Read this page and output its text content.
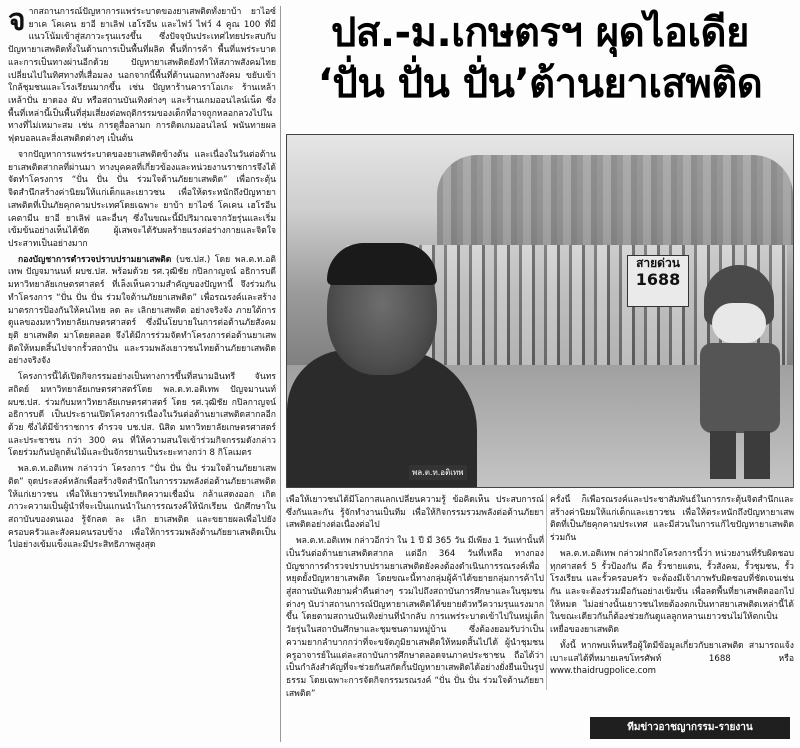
จากสถานการณ์ปัญหาการแพร่ระบาดของยาเสพติดทั้งยาบ้า ยาไอซ์ ยาเค โคเคน ยาอี ยาเลิฟ เฮโรอีน และไฟว์ ไฟว์ 4 คูณ 100 ที่มีแนวโน้มเข้าสู่สภาวะรุนแรงขึ้น ซึ่งปัจจุบันประเทศไทยประสบกับปัญหายาเสพติดทั้งในด้านการเป็นพื้นที่ผลิต พื้นที่การค้า พื้นที่แพร่ระบาด และการเป็นทางผ่านอีกด้วย ปัญหายาเสพติดยังทำให้สภาพสังคมไทยเปลี่ยนไปในทิศทางที่เสื่อมลง นอกจากนี้พื้นที่ด้านนอกทางสังคม ขยับเข้าใกล้ชุมชนและโรงเรียนมากขึ้น เช่น ปัญหาร้านคาราโอเกะ ร้านเหล้า เหล้าปั่น ยาดอง ผับ หรือสถานบันเทิงต่างๆ และร้านเกมออนไลน์เน็ต ซึ่งพื้นที่เหล่านี้เป็นพื้นที่สุ่มเสี่ยงต่อพฤติกรรมของเด็กที่อาจถูกหลอกลวงไปในทางที่ไม่เหมาะสม เช่น การดูสื่อลามก การติดเกมออนไลน์ พนันทายผลฟุตบอลและสิ่งเสพติดต่างๆ เป็นต้น

จากปัญหาการแพร่ระบาดของยาเสพติดข้างต้น และเนื่องในวันต่อต้านยาเสพติดสากลที่ผ่านมา ทางบุคคลที่เกี่ยวข้องและหน่วยงานราชการจึงได้จัดทำโครงการ “ปั่น ปั่น ปั่น ร่วมใจต้านภัยยาเสพติด” เพื่อกระตุ้นจิตสำนึกสร้างค่านิยมให้แก่เด็กและเยาวชน เพื่อให้ตระหนักถึงปัญหายาเสพติดที่เป็นภัยคุกคามประเทศโดยเฉพาะ ยาบ้า ยาไอซ์ โคเคน เฮโรอีน เคตามีน ยาอี ยาเลิฟ และอื่นๆ ซึ่งในขณะนี้มีปริมาณจากวัยรุ่นและเริ่มเข้มข้นอย่างเห็นได้ชัด ผู้เสพจะได้รับผลร้ายแรงต่อร่างกายและจิตใจประสาทเป็นอย่างมาก

กองบัญชาการตำรวจปราบปรามยาเสพติด (บช.ปส.) โดย พล.ต.ท.อติเทพ ปัญจมานนท์ ผบช.ปส. พร้อมด้วย รศ.วุฒิชัย กปิลกาญจน์ อธิการบดี มหาวิทยาลัยเกษตรศาสตร์ ที่เล็งเห็นความสำคัญของปัญหานี้ จึงร่วมกันทำโครงการ “ปั่น ปั่น ปั่น ร่วมใจต้านภัยยาเสพติด” เพื่อรณรงค์และสร้างมาตรการป้องกันให้คนไทย ลด ละ เลิกยาเสพติด อย่างจริงจัง ภายใต้การดูแลของมหาวิทยาลัยเกษตรศาสตร์ ซึ่งมีนโยบายในการต่อต้านภัยสังคม ยุติ ยาเสพติด มาโดยตลอด จึงได้มีการร่วมจัดทำโครงการต่อต้านยาเสพติดให้หมดสิ้นไปจากรั้วสถาบัน และรวมพลังเยาวชนไทยต้านภัยยาเสพติดอย่างจริงจัง

โครงการนี้ได้เปิดกิจกรรมอย่างเป็นทางการขึ้นที่สนามอินทรี จันทรสถิตย์ มหาวิทยาลัยเกษตรศาสตร์โดย พล.ต.ท.อติเทพ ปัญจมานนท์ ผบช.ปส. ร่วมกับมหาวิทยาลัยเกษตรศาสตร์ โดย รศ.วุฒิชัย กปิลกาญจน์ อธิการบดี เป็นประธานเปิดโครงการเนื่องในวันต่อต้านยาเสพติดสากลอีกด้วย ซึ่งได้มีข้าราชการ ตำรวจ บช.ปส. นิสิต มหาวิทยาลัยเกษตรศาสตร์และประชาชน กว่า 300 คน ที่ให้ความสนใจเข้าร่วมกิจกรรมดังกล่าว โดยร่วมกันปลูกต้นไม้และปั่นจักรยานเป็นระยะทางกว่า 8 กิโลเมตร

พล.ต.ท.อติเทพ กล่าวว่า โครงการ “ปั่น ปั่น ปั่น ร่วมใจต้านภัยยาเสพติด” จุดประสงค์หลักเพื่อสร้างจิตสำนึกในการรวมพลังต่อต้านภัยยาเสพติดให้แก่เยาวชน เพื่อให้เยาวชนไทยเกิดความเชื่อมั่น กล้าแสดงออก เกิดภาวะความเป็นผู้นำที่จะเป็นแกนนำในการรณรงค์ให้นักเรียน นักศึกษาในสถาบันของตนเอง รู้จักลด ละ เลิก ยาเสพติด และขยายผลเพื่อไปยังครอบครัวและสังคมคนรอบข้าง เพื่อให้การรวมพลังต้านภัยยาเสพติดเป็นไปอย่างเข้มแข็งและมีประสิทธิภาพสูงสุด

ปส.-ม.เกษตรฯ ผุดไอเดีย
‘ปั่น ปั่น ปั่น’ต้านยาเสพติด
สายด่วน
1688
พล.ต.ท.อติเทพ

เพื่อให้เยาวชนได้มีโอกาสแลกเปลี่ยนความรู้ ข้อคิดเห็น ประสบการณ์ซึ่งกันและกัน รู้จักทำงานเป็นทีม เพื่อให้กิจกรรมรวมพลังต่อต้านภัยยาเสพติดอย่างต่อเนื่องต่อไป

พล.ต.ท.อติเทพ กล่าวอีกว่า ใน 1 ปี มี 365 วัน มีเพียง 1 วันเท่านั้นที่เป็นวันต่อต้านยาเสพติดสากล แต่อีก 364 วันที่เหลือ ทางกองบัญชาการตำรวจปราบปรามยาเสพติดยังคงต้องดำเนินการรณรงค์เพื่อหยุดยั้งปัญหายาเสพติด โดยขณะนี้ทางกลุ่มผู้ค้าได้ขยายกลุ่มการค้าไปสู่สถานบันเทิงยามค่ำคืนต่างๆ รวมไปถึงสถาบันการศึกษาและในชุมชนต่างๆ นับว่าสถานการณ์ปัญหายาเสพติดได้ขยายตัวทวีความรุนแรงมากขึ้น โดยตามสถานบันเทิงย่านที่นำกลับ การแพร่ระบาดเข้าไปในหมู่เด็กวัยรุ่นในสถาบันศึกษาและชุมชนตามหมู่บ้าน ซึ่งต้องยอมรับว่าเป็นความยากลำบากกว่าที่จะขจัดภูมิยาเสพติดให้หมดสิ้นไปได้ ผู้นำชุมชน ครูอาจารย์ในแต่ละสถาบันการศึกษาตลอดจนภาคประชาชน ถือได้ว่าเป็นกำลังสำคัญที่จะช่วยกันสกัดกั้นปัญหายาเสพติดได้อย่างยั่งยืนเป็นรูปธรรม โดยเฉพาะการจัดกิจกรรมรณรงค์ “ปั่น ปั่น ปั่น ร่วมใจต้านภัยยาเสพติด”

ครั้งนี้ ก็เพื่อรณรงค์และประชาสัมพันธ์ในการกระตุ้นจิตสำนึกและสร้างค่านิยมให้แก่เด็กและเยาวชน เพื่อให้ตระหนักถึงปัญหายาเสพติดที่เป็นภัยคุกคามประเทศ และมีส่วนในการแก้ไขปัญหายาเสพติดร่วมกัน

พล.ต.ท.อติเทพ กล่าวฝากถึงโครงการนี้ว่า หน่วยงานที่รับผิดชอบทุกศาสตร์ 5 รั้วป้องกัน คือ รั้วชายแดน, รั้วสังคม, รั้วชุมชน, รั้วโรงเรียน และรั้วครอบครัว จะต้องมีเจ้าภาพรับผิดชอบที่ชัดเจนเช่นกัน และจะต้องร่วมมือกันอย่างเข้มข้น เพื่อลดพื้นที่ยาเสพติดออกไปให้หมด ไม่อย่างนั้นเยาวชนไทยต้องตกเป็นทาสยาเสพติดเหล่านี้ได้ ในขณะเดียวกันก็ต้องช่วยกันดูแลลูกหลานเยาวชนไม่ให้ตกเป็นเหยื่อของยาเสพติด

ทั้งนี้ หากพบเห็นหรือผู้ใดมีข้อมูลเกี่ยวกับยาเสพติด สามารถแจ้งเบาะแสได้ที่หมายเลขโทรศัพท์ 1688 หรือ www.thaidrugpolice.com

ทีมข่าวอาชญากรรม-รายงาน
